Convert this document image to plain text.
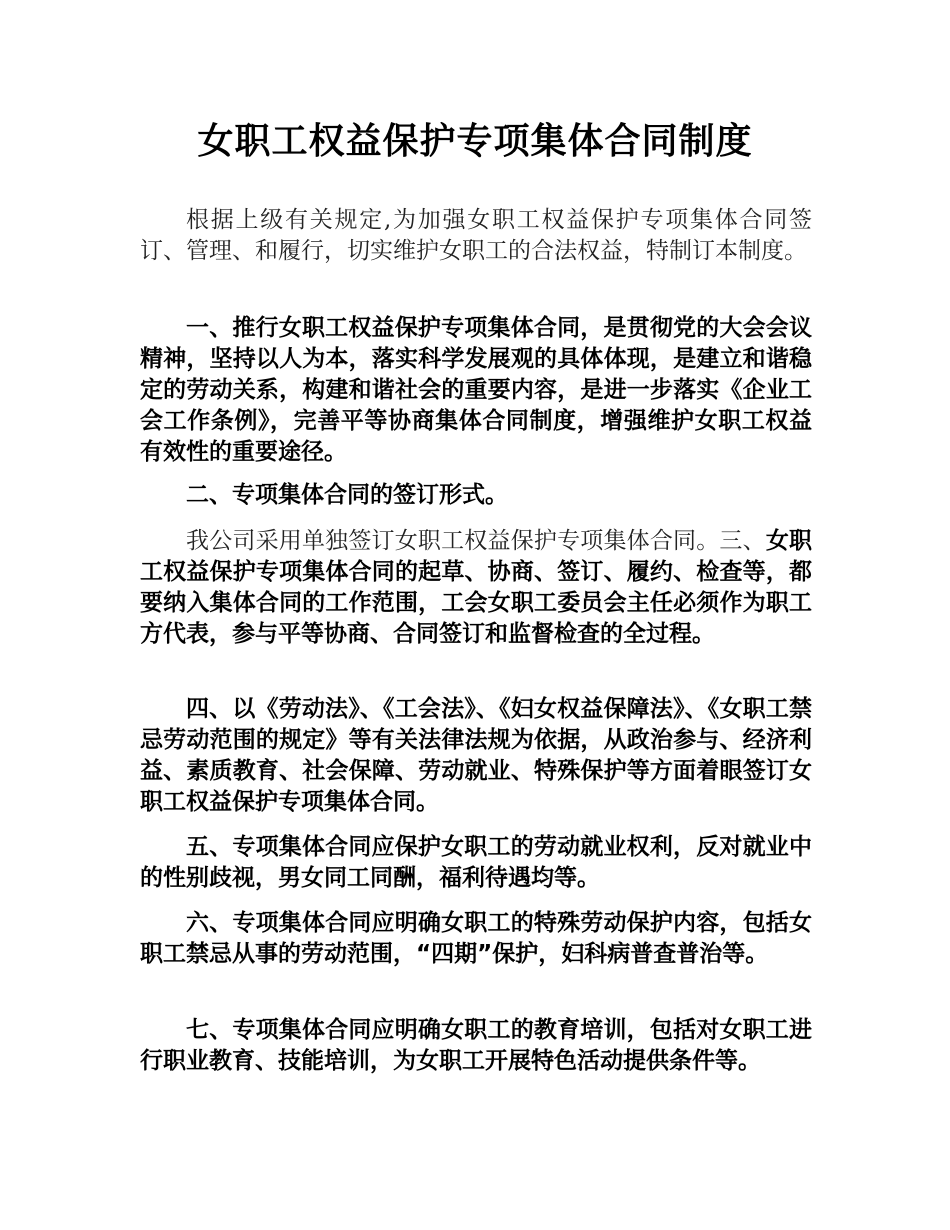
女职工权益保护专项集体合同制度

根据上级有关规定,为加强女职工权益保护专项集体合同签订、管理、和履行，切实维护女职工的合法权益，特制订本制度。

一、推行女职工权益保护专项集体合同，是贯彻党的大会会议精神，坚持以人为本，落实科学发展观的具体体现，是建立和谐稳定的劳动关系，构建和谐社会的重要内容，是进一步落实《企业工会工作条例》，完善平等协商集体合同制度，增强维护女职工权益有效性的重要途径。

二、专项集体合同的签订形式。

我公司采用单独签订女职工权益保护专项集体合同。三、女职工权益保护专项集体合同的起草、协商、签订、履约、检查等，都要纳入集体合同的工作范围，工会女职工委员会主任必须作为职工方代表，参与平等协商、合同签订和监督检查的全过程。

四、以《劳动法》、《工会法》、《妇女权益保障法》、《女职工禁忌劳动范围的规定》等有关法律法规为依据，从政治参与、经济利益、素质教育、社会保障、劳动就业、特殊保护等方面着眼签订女职工权益保护专项集体合同。

五、专项集体合同应保护女职工的劳动就业权利，反对就业中的性别歧视，男女同工同酬，福利待遇均等。

六、专项集体合同应明确女职工的特殊劳动保护内容，包括女职工禁忌从事的劳动范围，“四期”保护，妇科病普查普治等。

七、专项集体合同应明确女职工的教育培训，包括对女职工进行职业教育、技能培训，为女职工开展特色活动提供条件等。
